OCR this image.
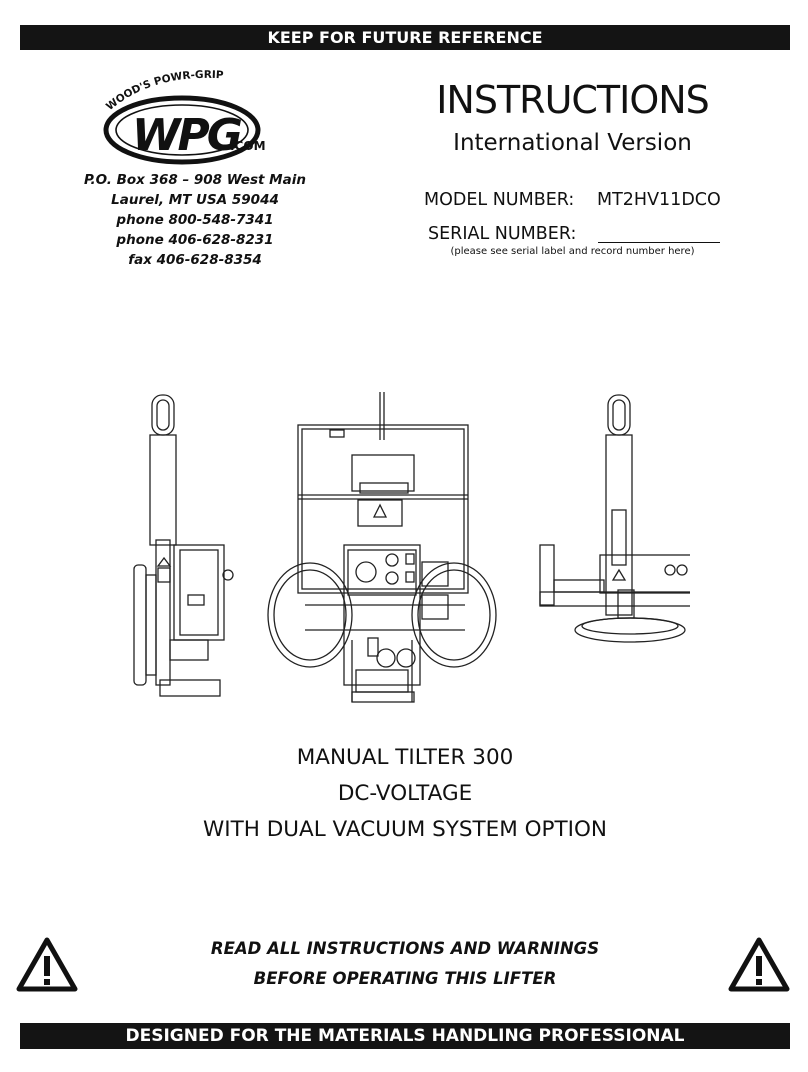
KEEP FOR FUTURE REFERENCE
WOOD'S POWR-GRIP
WPG
.COM
P.O. Box 368 – 908 West Main
Laurel, MT USA 59044
phone 800-548-7341
phone 406-628-8231
fax 406-628-8354
INSTRUCTIONS
International Version
MODEL NUMBER: MT2HV11DCO
SERIAL NUMBER:
(please see serial label and record number here)
MANUAL TILTER 300
DC-VOLTAGE
WITH DUAL VACUUM SYSTEM OPTION
READ ALL INSTRUCTIONS AND WARNINGS
BEFORE OPERATING THIS LIFTER
DESIGNED FOR THE MATERIALS HANDLING PROFESSIONAL
